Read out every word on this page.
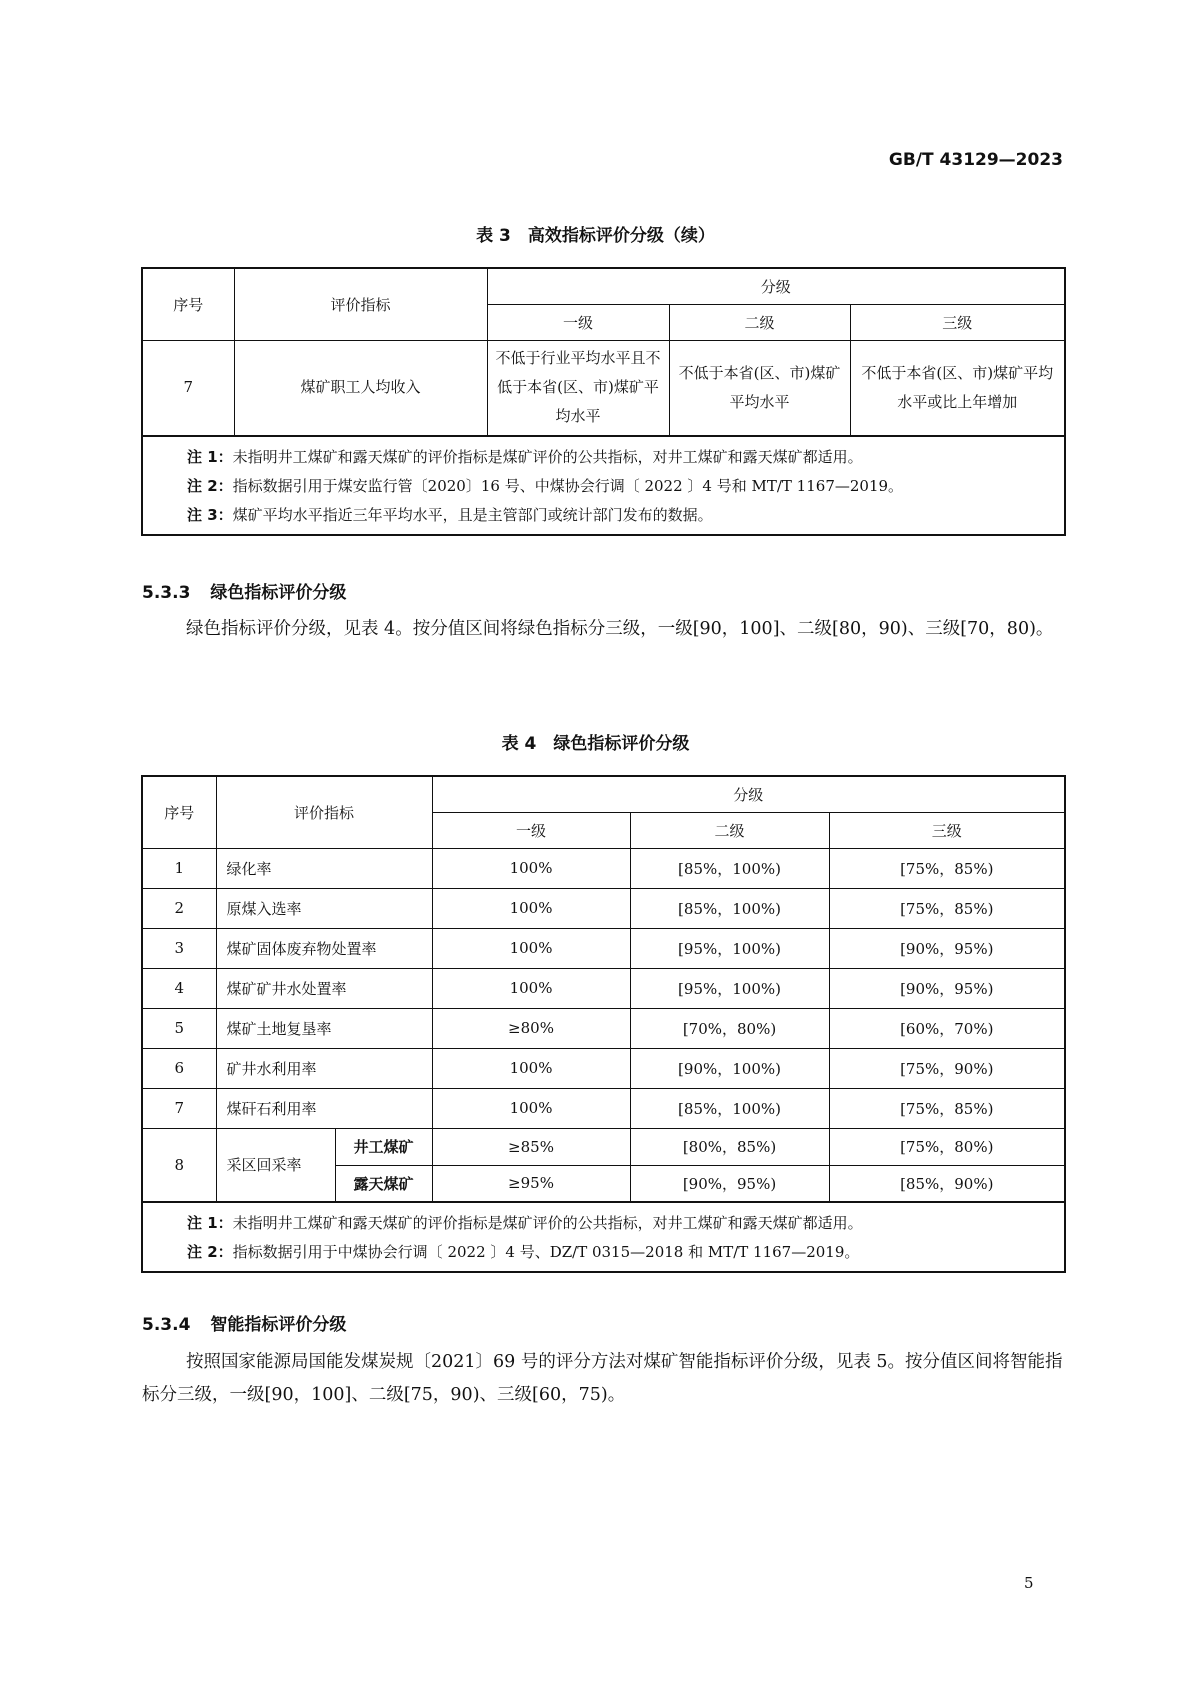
GB/T 43129—2023
表 3　高效指标评价分级（续）
序号	评价指标	分级		
		一级	二级	三级
7	煤矿职工人均收入	不低于行业平均水平且不低于本省(区、市)煤矿平均水平	不低于本省(区、市)煤矿平均水平	不低于本省(区、市)煤矿平均水平或比上年增加

注 1：未指明井工煤矿和露天煤矿的评价指标是煤矿评价的公共指标，对井工煤矿和露天煤矿都适用。
注 2：指标数据引用于煤安监行管〔2020〕16 号、中煤协会行调〔 2022 〕4 号和 MT/T 1167—2019。
注 3：煤矿平均水平指近三年平均水平，且是主管部门或统计部门发布的数据。				
5.3.3 绿色指标评价分级
绿色指标评价分级，见表 4。按分值区间将绿色指标分三级，一级[90，100]、二级[80，90)、三级[70，80)。
表 4　绿色指标评价分级
序号	评价指标		分级		
			一级	二级	三级
1	绿化率		100%	[85%，100%)	[75%，85%)
2	原煤入选率		100%	[85%，100%)	[75%，85%)
3	煤矿固体废弃物处置率		100%	[95%，100%)	[90%，95%)
4	煤矿矿井水处置率		100%	[95%，100%)	[90%，95%)
5	煤矿土地复垦率		≥80%	[70%，80%)	[60%，70%)
6	矿井水利用率		100%	[90%，100%)	[75%，90%)
7	煤矸石利用率		100%	[85%，100%)	[75%，85%)
8	采区回采率	井工煤矿	≥85%	[80%，85%)	[75%，80%)
		露天煤矿	≥95%	[90%，95%)	[85%，90%)

注 1：未指明井工煤矿和露天煤矿的评价指标是煤矿评价的公共指标，对井工煤矿和露天煤矿都适用。
注 2：指标数据引用于中煤协会行调〔 2022 〕4 号、DZ/T 0315—2018 和 MT/T 1167—2019。					
5.3.4 智能指标评价分级
按照国家能源局国能发煤炭规〔2021〕69 号的评分方法对煤矿智能指标评价分级，见表 5。按分值区间将智能指标分三级，一级[90，100]、二级[75，90)、三级[60，75)。
5
